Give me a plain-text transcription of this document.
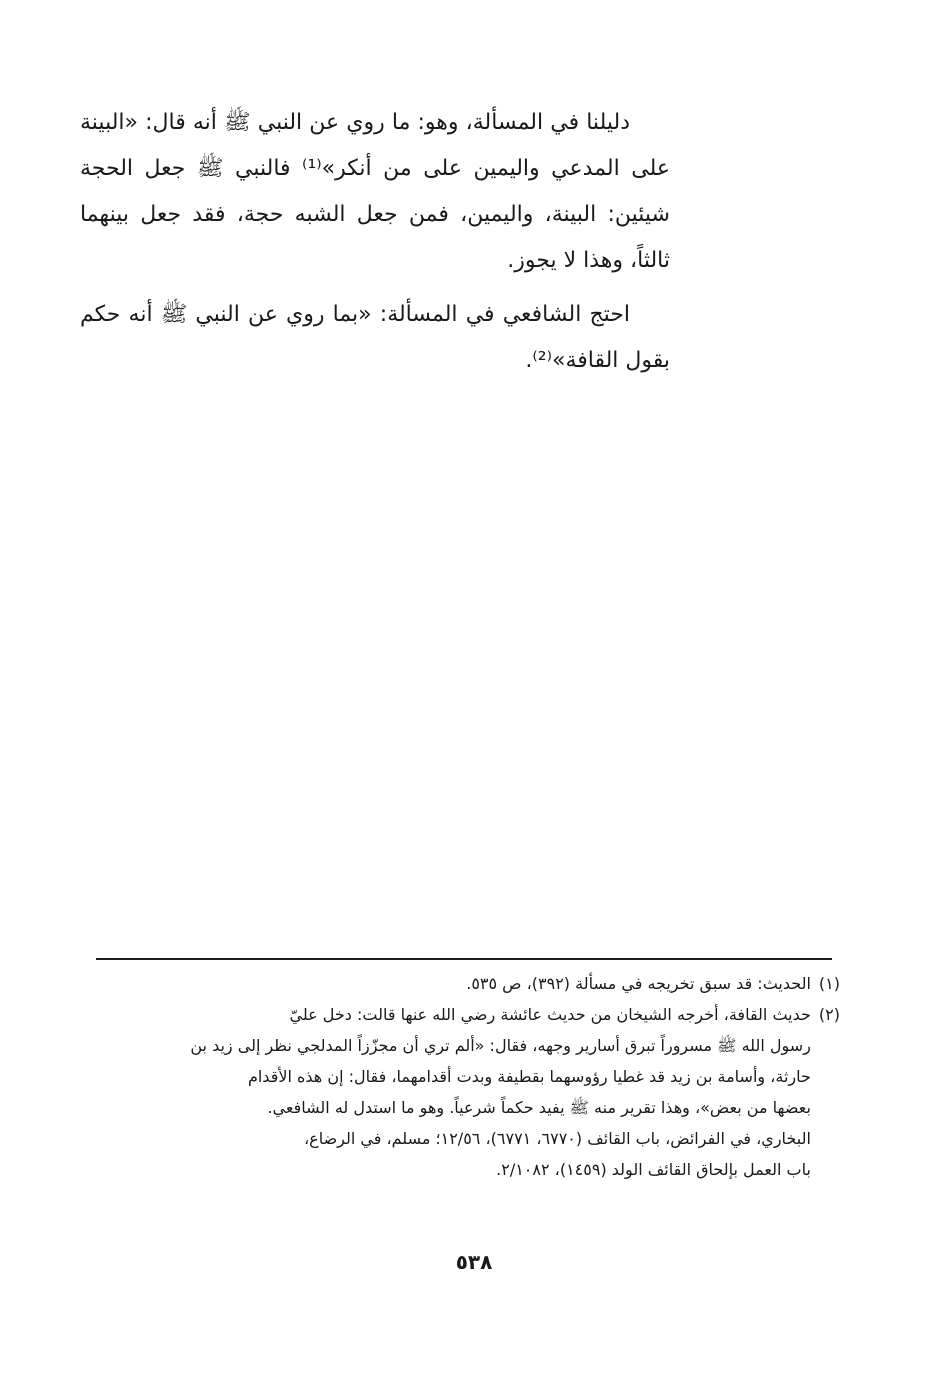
دليلنا في المسألة، وهو: ما روي عن النبي ﷺ أنه قال: «البينة على المدعي واليمين على من أنكر»⁽¹⁾ فالنبي ﷺ جعل الحجة شيئين: البينة، واليمين، فمن جعل الشبه حجة، فقد جعل بينهما ثالثاً، وهذا لا يجوز.

احتج الشافعي في المسألة: «بما روي عن النبي ﷺ أنه حكم بقول القافة»⁽²⁾.

(١)
الحديث: قد سبق تخريجه في مسألة (٣٩٢)، ص ٥٣٥.
(٢)
حديث القافة، أخرجه الشيخان من حديث عائشة رضي الله عنها قالت: دخل عليّ
رسول الله ﷺ مسروراً تبرق أسارير وجهه، فقال: «ألم تري أن مجزّزاً المدلجي نظر إلى زيد بن
حارثة، وأسامة بن زيد قد غطيا رؤوسهما بقطيفة وبدت أقدامهما، فقال: إن هذه الأقدام
بعضها من بعض»، وهذا تقرير منه ﷺ يفيد حكماً شرعياً. وهو ما استدل له الشافعي.
البخاري، في الفرائض، باب القائف (٦٧٧٠، ٦٧٧١)، ١٢/٥٦؛ مسلم، في الرضاع،
باب العمل بإلحاق القائف الولد (١٤٥٩)، ٢/١٠٨٢.
٥٣٨
